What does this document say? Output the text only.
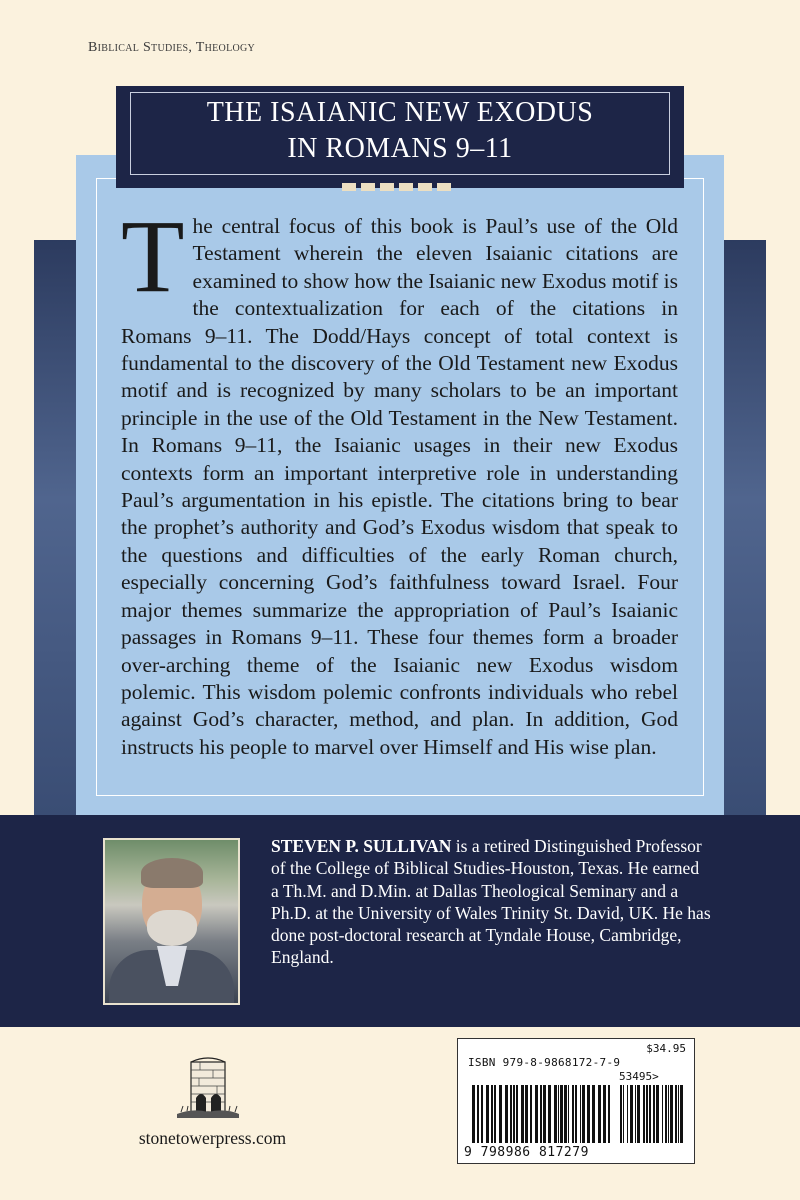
Biblical Studies, Theology
THE ISAIANIC NEW EXODUS
IN ROMANS 9–11
The central focus of this book is Paul’s use of the Old Testament wherein the eleven Isaianic citations are examined to show how the Isaianic new Exodus motif is the contextualization for each of the citations in Romans 9–11. The Dodd/Hays concept of total context is fundamental to the discovery of the Old Testament new Exodus motif and is recognized by many scholars to be an important principle in the use of the Old Testament in the New Testament. In Romans 9–11, the Isaianic usages in their new Exodus contexts form an important interpretive role in understanding Paul’s argumentation in his epistle. The citations bring to bear the prophet’s authority and God’s Exodus wisdom that speak to the questions and difficulties of the early Roman church, especially concerning God’s faithfulness toward Israel. Four major themes summarize the appropriation of Paul’s Isaianic passages in Romans 9–11. These four themes form a broader over-arching theme of the Isaianic new Exodus wisdom polemic. This wisdom polemic confronts individuals who rebel against God’s character, method, and plan. In addition, God instructs his people to marvel over Himself and His wise plan.
STEVEN P. SULLIVAN is a retired Distinguished Professor of the College of Biblical Studies-Houston, Texas. He earned a Th.M. and D.Min. at Dallas Theological Seminary and a Ph.D. at the University of Wales Trinity St. David, UK. He has done post-doctoral research at Tyndale House, Cambridge, England.
stonetowerpress.com
$34.95
ISBN 979-8-9868172-7-9
53495>
9 798986 817279
